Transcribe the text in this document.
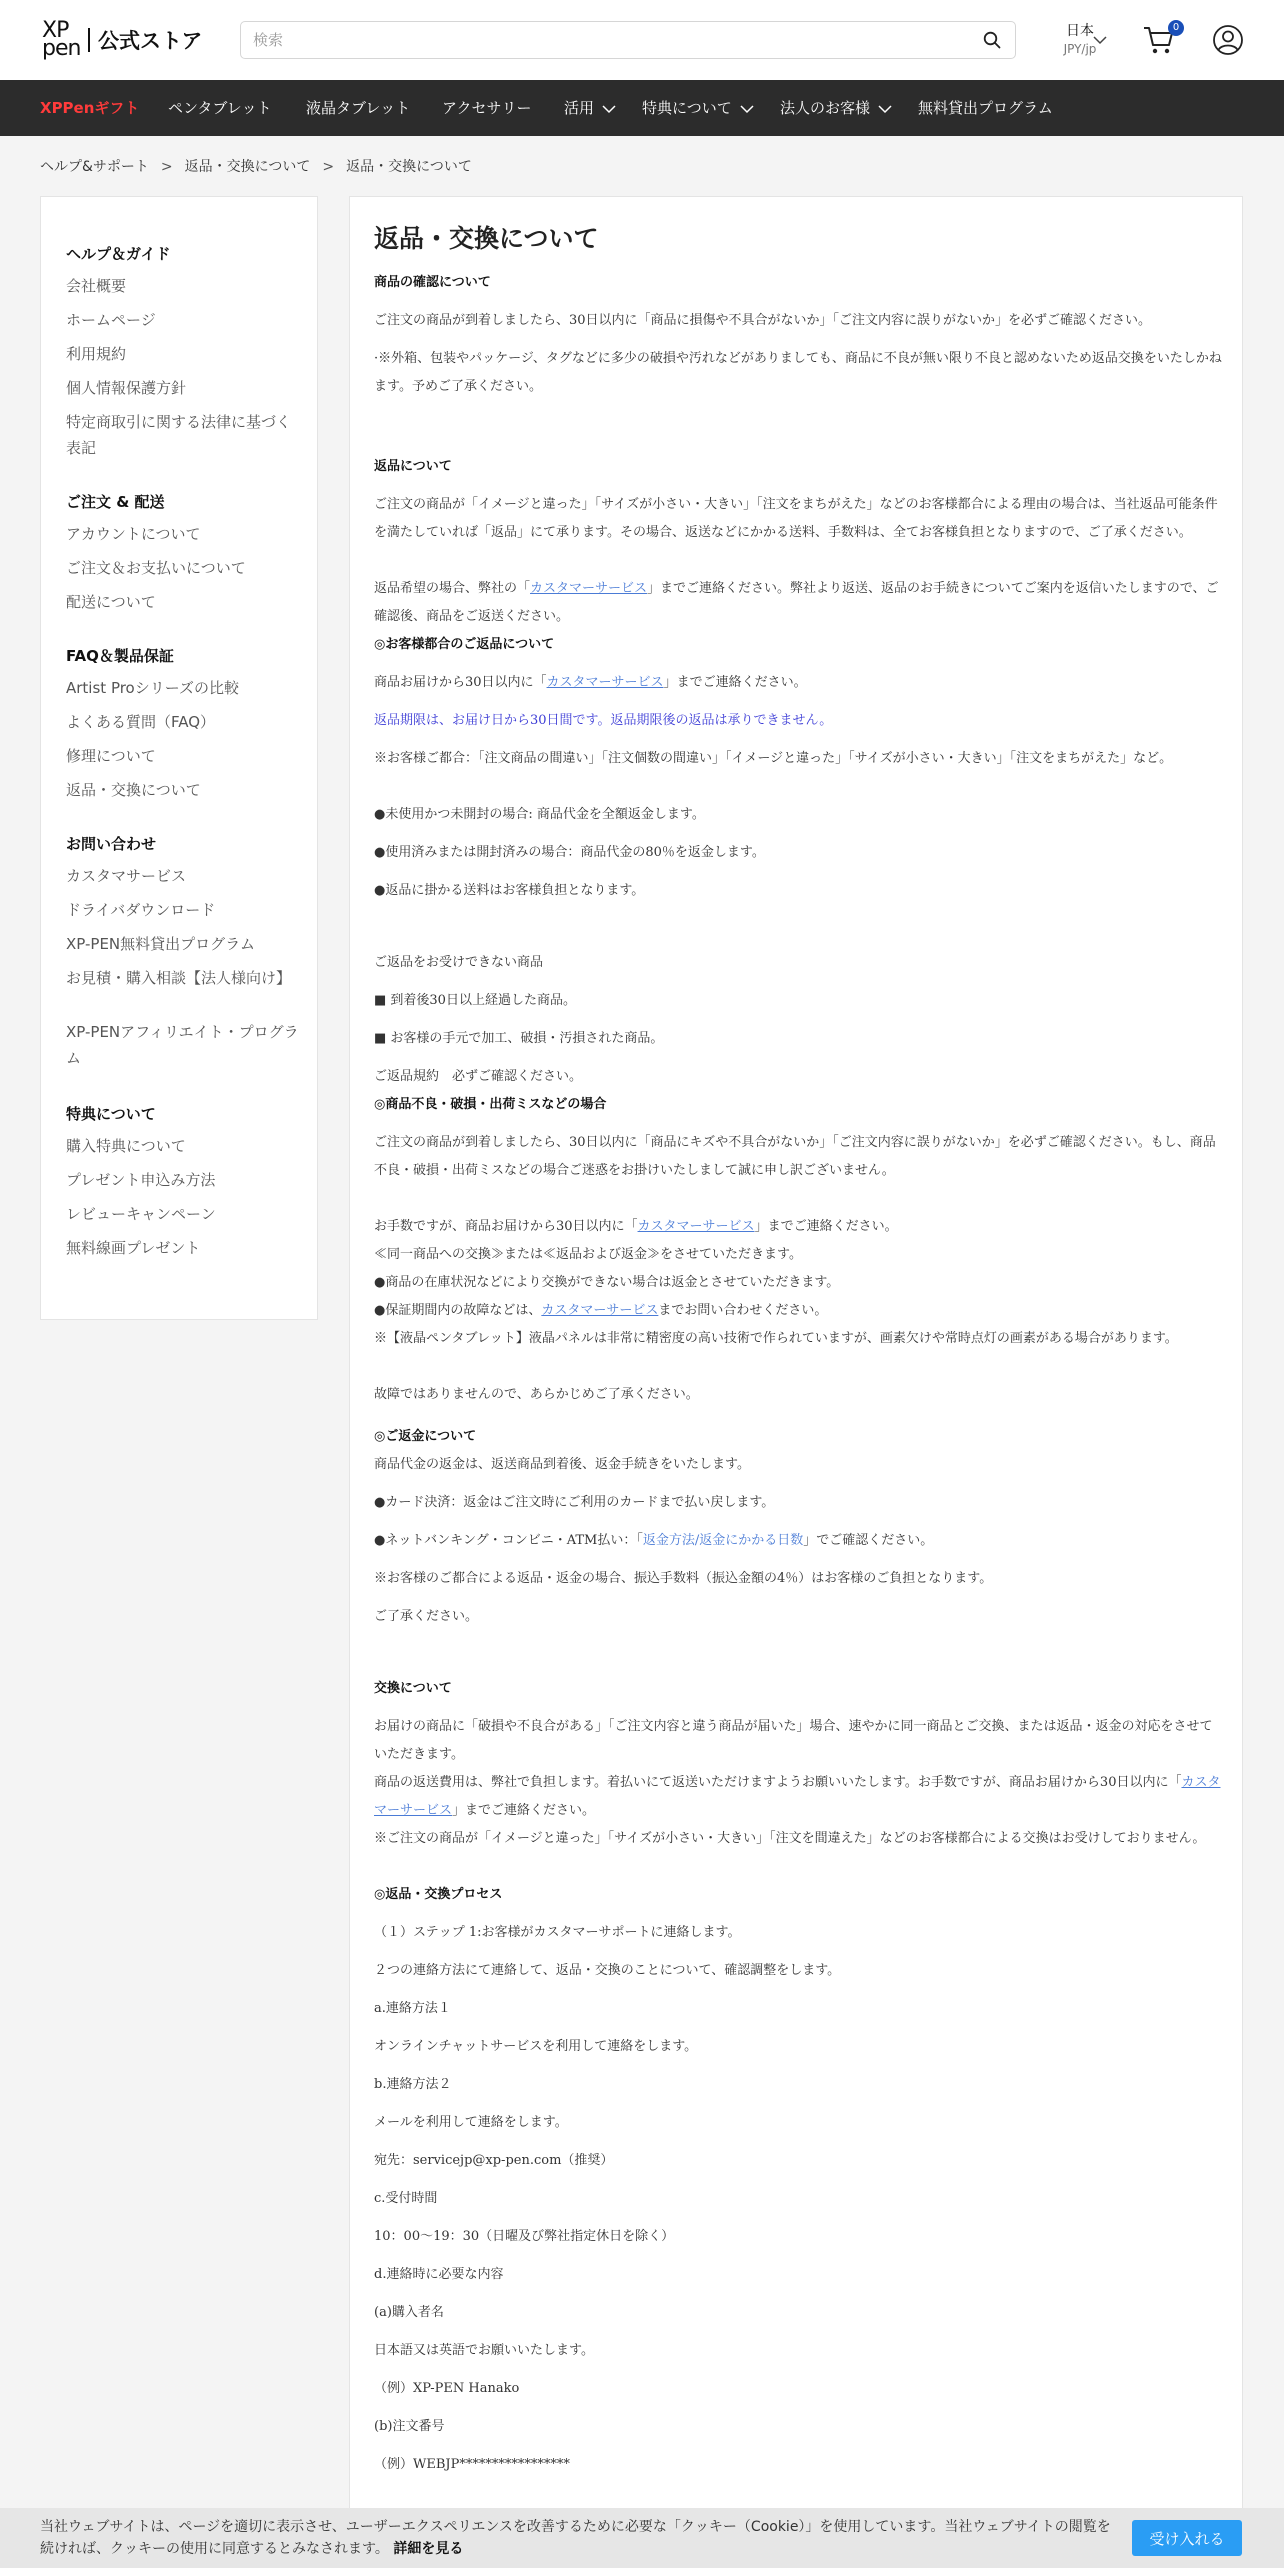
XP
pen 公式ストア
検索	日本
JPY/jp
0
XPPenギフト ペンタブレット 液晶タブレット アクセサリー 活用	特典について	法人のお客様	無料貸出プログラム
ヘルプ&サポート > 返品・交換について > 返品・交換について
ヘルプ＆ガイド
会社概要
ホームページ
利用規約
個人情報保護方針
特定商取引に関する法律に基づく表記
ご注文 & 配送
アカウントについて
ご注文＆お支払いについて
配送について
FAQ＆製品保証
Artist Proシリーズの比較
よくある質問（FAQ）
修理について
返品・交換について
お問い合わせ
カスタマサービス
ドライバダウンロード
XP-PEN無料貸出プログラム
お見積・購入相談【法人様向け】
XP-PENアフィリエイト・プログラム
特典について
購入特典について
プレゼント申込み方法
レビューキャンペーン
無料線画プレゼント
返品・交換について

商品の確認について

ご注文の商品が到着しましたら、30日以内に「商品に損傷や不具合がないか」「ご注文内容に誤りがないか」を必ずご確認ください。

·※外箱、包装やパッケージ、タグなどに多少の破損や汚れなどがありましても、商品に不良が無い限り不良と認めないため返品交換をいたしかねます。予めご了承ください。

返品について

ご注文の商品が「イメージと違った」「サイズが小さい・大きい」「注文をまちがえた」などのお客様都合による理由の場合は、当社返品可能条件を満たしていれば「返品」にて承ります。その場合、返送などにかかる送料、手数料は、全てお客様負担となりますので、ご了承ください。

返品希望の場合、弊社の「カスタマーサービス」までご連絡ください。弊社より返送、返品のお手続きについてご案内を返信いたしますので、ご確認後、商品をご返送ください。

◎お客様都合のご返品について

商品お届けから30日以内に「カスタマーサービス」までご連絡ください。

返品期限は、お届け日から30日間です。返品期限後の返品は承りできません。

※お客様ご都合：「注文商品の間違い」「注文個数の間違い」「イメージと違った」「サイズが小さい・大きい」「注文をまちがえた」など。

●未使用かつ未開封の場合: 商品代金を全額返金します。

●使用済みまたは開封済みの場合：商品代金の80％を返金します。

●返品に掛かる送料はお客様負担となります。

ご返品をお受けできない商品

■ 到着後30日以上経過した商品。

■ お客様の手元で加工、破損・汚損された商品。

ご返品規約　必ずご確認ください。

◎商品不良・破損・出荷ミスなどの場合

ご注文の商品が到着しましたら、30日以内に「商品にキズや不具合がないか」「ご注文内容に誤りがないか」を必ずご確認ください。もし、商品不良・破損・出荷ミスなどの場合ご迷惑をお掛けいたしまして誠に申し訳ございません。

お手数ですが、商品お届けから30日以内に「カスタマーサービス」までご連絡ください。

≪同一商品への交換≫または≪返品および返金≫をさせていただきます。

●商品の在庫状況などにより交換ができない場合は返金とさせていただきます。

●保証期間内の故障などは、カスタマーサービスまでお問い合わせください。

※【液晶ペンタブレット】液晶パネルは非常に精密度の高い技術で作られていますが、画素欠けや常時点灯の画素がある場合があります。

故障ではありませんので、あらかじめご了承ください。

◎ご返金について

商品代金の返金は、返送商品到着後、返金手続きをいたします。

●カード決済：返金はご注文時にご利用のカードまで払い戻します。

●ネットバンキング・コンビニ・ATM払い：「返金方法/返金にかかる日数」でご確認ください。

※お客様のご都合による返品・返金の場合、振込手数料（振込金額の4％）はお客様のご負担となります。

ご了承ください。

交換について

お届けの商品に「破損や不良合がある」「ご注文内容と違う商品が届いた」場合、速やかに同一商品とご交換、または返品・返金の対応をさせていただきます。

商品の返送費用は、弊社で負担します。着払いにて返送いただけますようお願いいたします。お手数ですが、商品お届けから30日以内に「カスタマーサービス」までご連絡ください。

※ご注文の商品が「イメージと違った」「サイズが小さい・大きい」「注文を間違えた」などのお客様都合による交換はお受けしておりません。

◎返品・交換プロセス

（１）ステップ 1:お客様がカスタマーサポートに連絡します。

２つの連絡方法にて連絡して、返品・交換のことについて、確認調整をします。

a.連絡方法１

オンラインチャットサービスを利用して連絡をします。

b.連絡方法２

メールを利用して連絡をします。

宛先：servicejp@xp-pen.com（推奨）

c.受付時間

10：00～19：30（日曜及び弊社指定休日を除く）

d.連絡時に必要な内容

(a)購入者名

日本語又は英語でお願いいたします。

（例）XP-PEN Hanako

(b)注文番号

（例）WEBJP*****************

当社ウェブサイトは、ページを適切に表示させ、ユーザーエクスペリエンスを改善するために必要な「クッキー（Cookie）」を使用しています。当社ウェブサイトの閲覧を続ければ、クッキーの使用に同意するとみなされます。 詳細を見る

受け入れる
